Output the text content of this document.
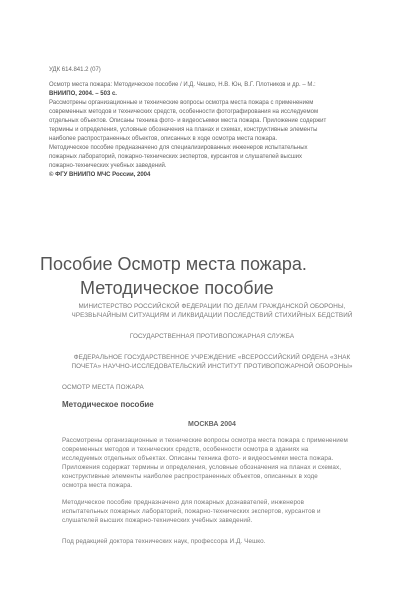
УДК 614.841.2 (07)

Осмотр места пожара: Методическое пособие / И.Д. Чешко, Н.В. Юн, В.Г. Плотников и др. – М.:

ВНИИПО, 2004. – 503 с.

Рассмотрены организационные и технические вопросы осмотра места пожара с применением

современных методов и технических средств, особенности фотографирования на исследуемом

отдельных объектов. Описаны техника фото- и видеосъемки места пожара. Приложение содержит

термины и определения, условные обозначения на планах и схемах, конструктивные элементы

наиболее распространенных объектов, описанных в ходе осмотра места пожара.

Методическое пособие предназначено для специализированных инженеров испытательных

пожарных лабораторий, пожарно-технических экспертов, курсантов и слушателей высших

пожарно-технических учебных заведений.

© ФГУ ВНИИПО МЧС России, 2004

Пособие Осмотр места пожара.
Методическое пособие
МИНИСТЕРСТВО РОССИЙСКОЙ ФЕДЕРАЦИИ ПО ДЕЛАМ ГРАЖДАНСКОЙ ОБОРОНЫ,
ЧРЕЗВЫЧАЙНЫМ СИТУАЦИЯМ И ЛИКВИДАЦИИ ПОСЛЕДСТВИЙ СТИХИЙНЫХ БЕДСТВИЙ
ГОСУДАРСТВЕННАЯ ПРОТИВОПОЖАРНАЯ СЛУЖБА
ФЕДЕРАЛЬНОЕ ГОСУДАРСТВЕННОЕ УЧРЕЖДЕНИЕ «ВСЕРОССИЙСКИЙ ОРДЕНА «ЗНАК
ПОЧЕТА» НАУЧНО-ИССЛЕДОВАТЕЛЬСКИЙ ИНСТИТУТ ПРОТИВОПОЖАРНОЙ ОБОРОНЫ»
ОСМОТР МЕСТА ПОЖАРА
Методическое пособие
МОСКВА 2004
Рассмотрены организационные и технические вопросы осмотра места пожара с применением
современных методов и технических средств, особенности осмотра в зданиях на
исследуемых отдельных объектах. Описаны техника фото- и видеосъемки места пожара.
Приложения содержат термины и определения, условные обозначения на планах и схемах,
конструктивные элементы наиболее распространенных объектов, описанных в ходе
осмотра места пожара.
Методическое пособие предназначено для пожарных дознавателей, инженеров
испытательных пожарных лабораторий, пожарно-технических экспертов, курсантов и
слушателей высших пожарно-технических учебных заведений.
Под редакцией доктора технических наук, профессора И.Д. Чешко.
